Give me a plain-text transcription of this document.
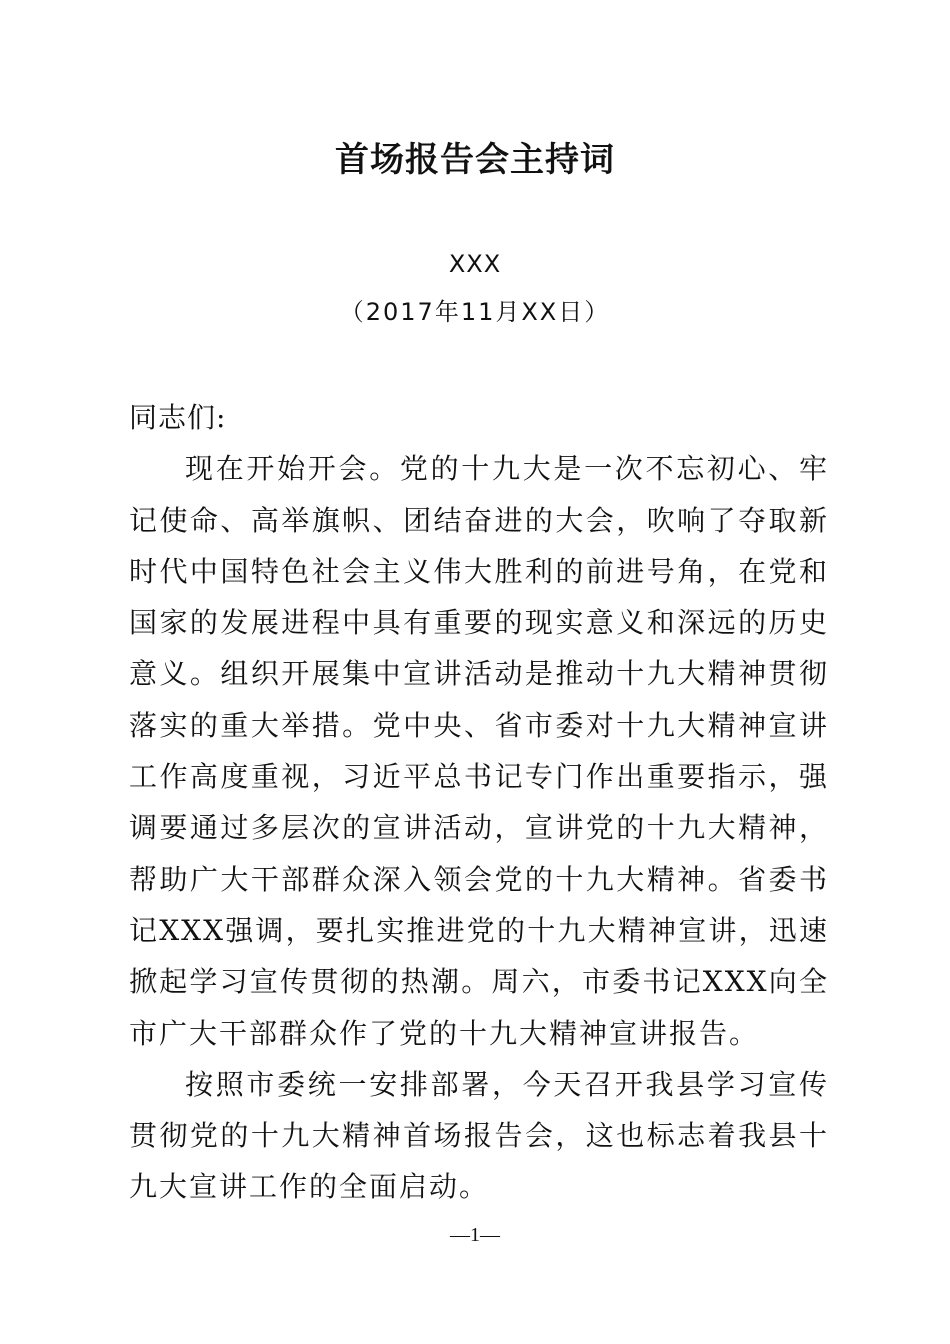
首场报告会主持词
XXX
（2017年11月XX日）

同志们:

现在开始开会。党的十九大是一次不忘初心、牢记使命、高举旗帜、团结奋进的大会，吹响了夺取新时代中国特色社会主义伟大胜利的前进号角，在党和国家的发展进程中具有重要的现实意义和深远的历史意义。组织开展集中宣讲活动是推动十九大精神贯彻落实的重大举措。党中央、省市委对十九大精神宣讲工作高度重视，习近平总书记专门作出重要指示，强调要通过多层次的宣讲活动，宣讲党的十九大精神，帮助广大干部群众深入领会党的十九大精神。省委书记XXX强调，要扎实推进党的十九大精神宣讲，迅速掀起学习宣传贯彻的热潮。周六，市委书记XXX向全市广大干部群众作了党的十九大精神宣讲报告。

按照市委统一安排部署，今天召开我县学习宣传贯彻党的十九大精神首场报告会，这也标志着我县十九大宣讲工作的全面启动。

—1—
